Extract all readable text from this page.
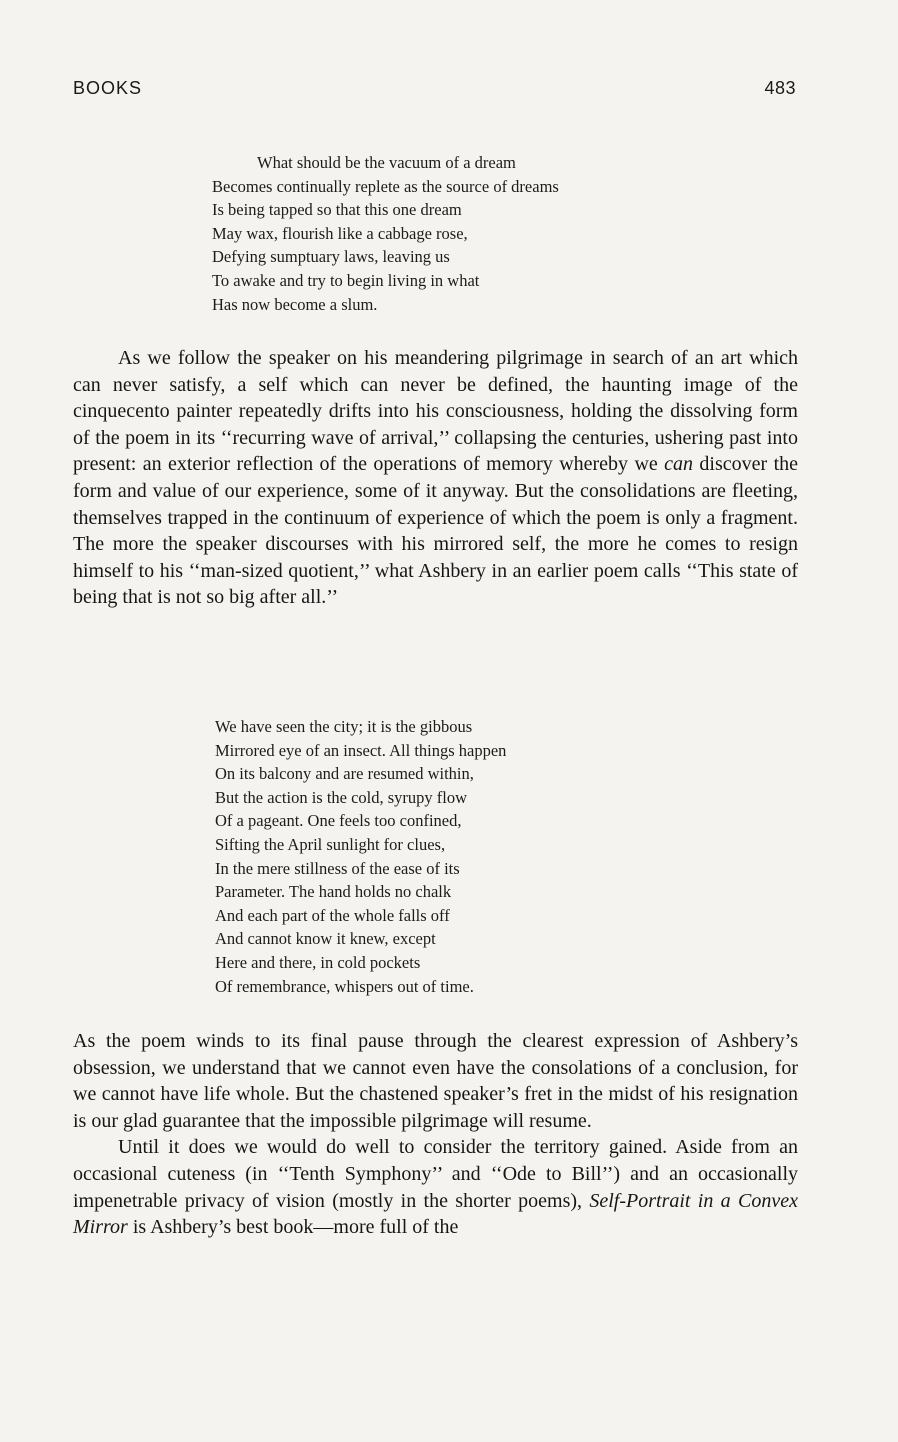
BOOKS	483
What should be the vacuum of a dream
Becomes continually replete as the source of dreams
Is being tapped so that this one dream
May wax, flourish like a cabbage rose,
Defying sumptuary laws, leaving us
To awake and try to begin living in what
Has now become a slum.

As we follow the speaker on his meandering pilgrimage in search of an art which can never satisfy, a self which can never be defined, the haunting image of the cinquecento painter repeatedly drifts into his consciousness, holding the dissolving form of the poem in its ‘‘recurring wave of arrival,’’ collapsing the centuries, ushering past into present: an exterior reflection of the operations of memory whereby we can discover the form and value of our experience, some of it anyway. But the consolidations are fleeting, themselves trapped in the continuum of experience of which the poem is only a fragment. The more the speaker discourses with his mirrored self, the more he comes to resign himself to his ‘‘man-sized quotient,’’ what Ashbery in an earlier poem calls ‘‘This state of being that is not so big after all.’’

We have seen the city; it is the gibbous
Mirrored eye of an insect. All things happen
On its balcony and are resumed within,
But the action is the cold, syrupy flow
Of a pageant. One feels too confined,
Sifting the April sunlight for clues,
In the mere stillness of the ease of its
Parameter. The hand holds no chalk
And each part of the whole falls off
And cannot know it knew, except
Here and there, in cold pockets
Of remembrance, whispers out of time.

As the poem winds to its final pause through the clearest expression of Ashbery’s obsession, we understand that we cannot even have the consolations of a conclusion, for we cannot have life whole. But the chastened speaker’s fret in the midst of his resignation is our glad guarantee that the impossible pilgrimage will resume.

Until it does we would do well to consider the territory gained. Aside from an occasional cuteness (in ‘‘Tenth Symphony’’ and ‘‘Ode to Bill’’) and an occasionally impenetrable privacy of vision (mostly in the shorter poems), Self-Portrait in a Convex Mirror is Ashbery’s best book—more full of the
